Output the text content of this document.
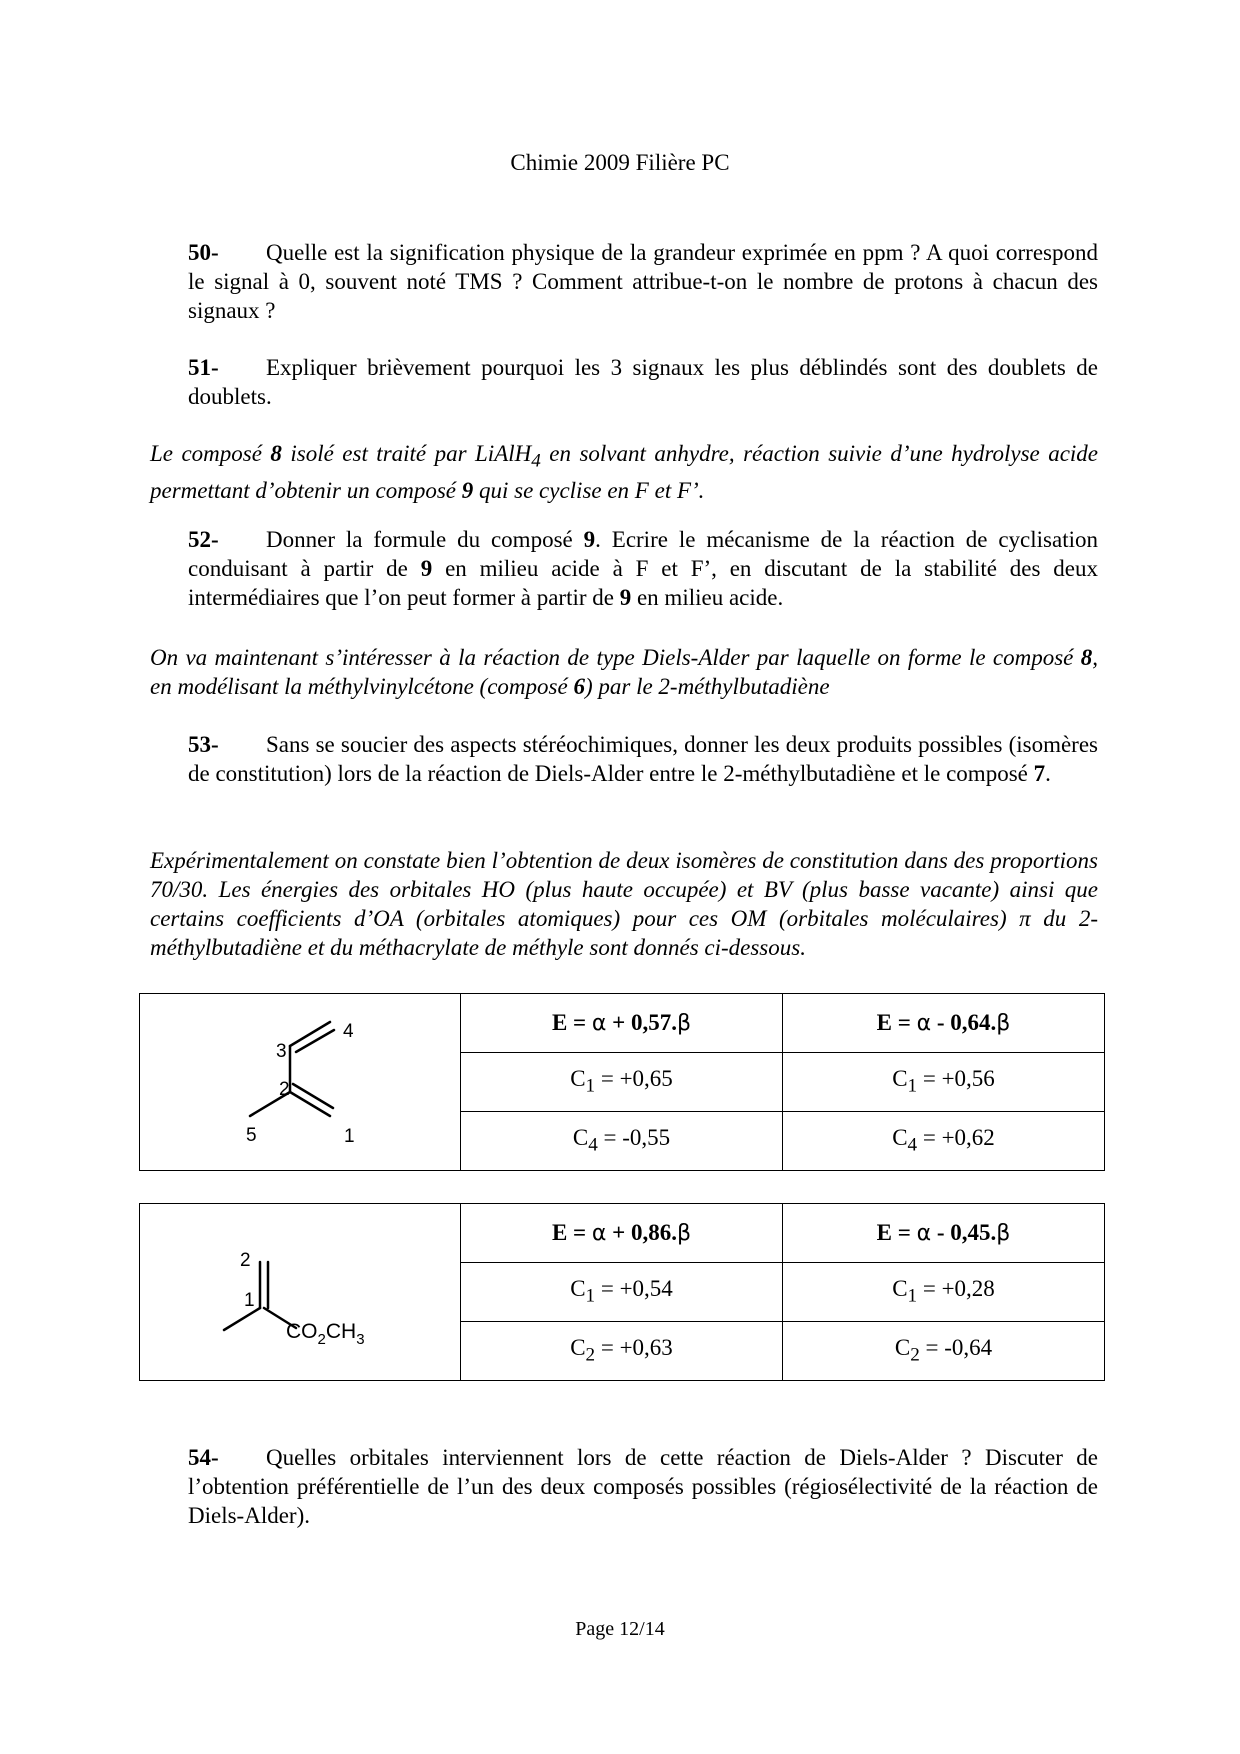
Chimie 2009 Filière PC
50- Quelle est la signification physique de la grandeur exprimée en ppm ? A quoi correspond le signal à 0, souvent noté TMS ? Comment attribue-t-on le nombre de protons à chacun des signaux ?
51- Expliquer brièvement pourquoi les 3 signaux les plus déblindés sont des doublets de doublets.
Le composé 8 isolé est traité par LiAlH$_4$ en solvant anhydre, réaction suivie d’une hydrolyse acide permettant d’obtenir un composé 9 qui se cyclise en F et F’.
52- Donner la formule du composé 9. Ecrire le mécanisme de la réaction de cyclisation conduisant à partir de 9 en milieu acide à F et F’, en discutant de la stabilité des deux intermédiaires que l’on peut former à partir de 9 en milieu acide.
On va maintenant s’intéresser à la réaction de type Diels-Alder par laquelle on forme le composé 8, en modélisant la méthylvinylcétone (composé 6) par le 2-méthylbutadiène
53- Sans se soucier des aspects stéréochimiques, donner les deux produits possibles (isomères de constitution) lors de la réaction de Diels-Alder entre le 2-méthylbutadiène et le composé 7.
Expérimentalement on constate bien l’obtention de deux isomères de constitution dans des proportions 70/30. Les énergies des orbitales HO (plus haute occupée) et BV (plus basse vacante) ainsi que certains coefficients d’OA (orbitales atomiques) pour ces OM (orbitales moléculaires) π du 2-méthylbutadiène et du méthacrylate de méthyle sont donnés ci-dessous.
4
3
2
5 1	E = α + 0,57.β	E = α - 0,64.β
	$C_1 = +0,65$	$C_1 = +0,56$
	$C_4 = -0,55$	$C_4 = +0,62$
2
1
$CO_2CH_3$	E = α + 0,86.β	E = α - 0,45.β
	$C_1 = +0,54$	$C_1 = +0,28$
	$C_2 = +0,63$	$C_2 = -0,64$
54- Quelles orbitales interviennent lors de cette réaction de Diels-Alder ? Discuter de l’obtention préférentielle de l’un des deux composés possibles (régiosélectivité de la réaction de Diels-Alder).
Page 12/14
